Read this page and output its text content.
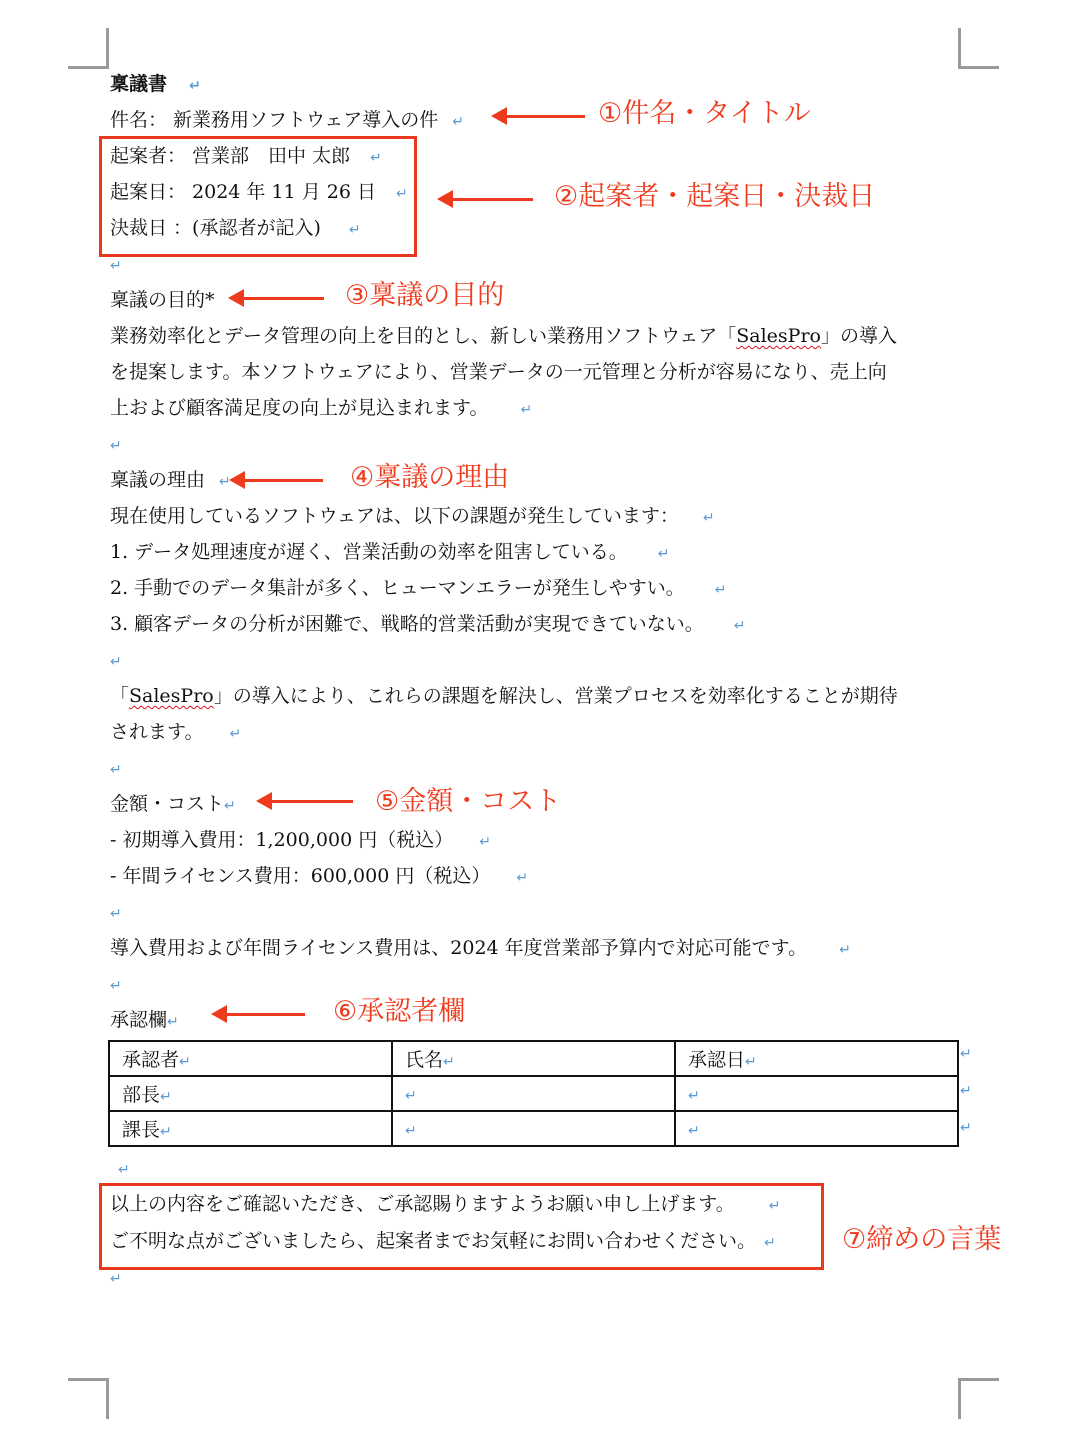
稟議書 ↵
件名： 新業務用ソフトウェア導入の件 ↵
起案者： 営業部　田中 太郎 ↵
起案日： 2024 年 11 月 26 日 ↵
決裁日 ：(承認者が記入) ↵
↵
稟議の目的*
業務効率化とデータ管理の向上を目的とし、新しい業務用ソフトウェア「SalesPro」の導入
を提案します。本ソフトウェアにより、営業データの一元管理と分析が容易になり、売上向
上および顧客満足度の向上が見込まれます。 ↵
↵
稟議の理由 ↵
現在使用しているソフトウェアは、以下の課題が発生しています： ↵
1. データ処理速度が遅く、営業活動の効率を阻害している。 ↵
2. 手動でのデータ集計が多く、ヒューマンエラーが発生しやすい。 ↵
3. 顧客データの分析が困難で、戦略的営業活動が実現できていない。 ↵
↵
「SalesPro」の導入により、これらの課題を解決し、営業プロセスを効率化することが期待
されます。 ↵
↵
金額・コスト↵
- 初期導入費用：1,200,000 円（税込） ↵
- 年間ライセンス費用：600,000 円（税込） ↵
↵
導入費用および年間ライセンス費用は、2024 年度営業部予算内で対応可能です。 ↵
↵
承認欄↵
承認者↵	氏名↵	承認日↵
部長↵	↵	↵
課長↵	↵	↵
↵
↵
↵
↵
以上の内容をご確認いただき、ご承認賜りますようお願い申し上げます。 ↵
ご不明な点がございましたら、起案者までお気軽にお問い合わせください。 ↵
↵
①件名・タイトル
②起案者・起案日・決裁日
③稟議の目的
④稟議の理由
⑤金額・コスト
⑥承認者欄
⑦締めの言葉
